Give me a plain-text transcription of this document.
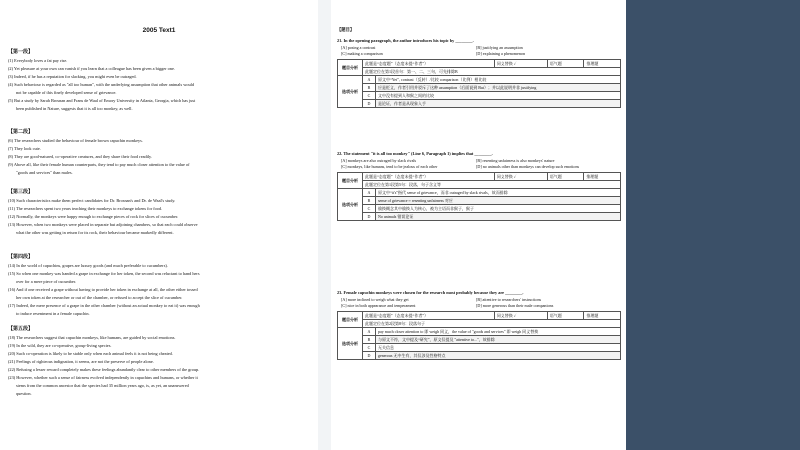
2005 Text1
【第一段】
(1) Everybody loves a fat pay rise.
(2) Yet pleasure at your own can vanish if you learn that a colleague has been given a bigger one.
(3) Indeed, if he has a reputation for slacking, you might even be outraged.
(4) Such behaviour is regarded as "all too human", with the underlying assumption that other animals would
not be capable of this finely developed sense of grievance.
(5) But a study by Sarah Brosnan and Frans de Waal of Emory University in Atlanta, Georgia, which has just
been published in Nature, suggests that it is all too monkey, as well.
【第二段】
(6) The researchers studied the behaviour of female brown capuchin monkeys.
(7) They look cute.
(8) They are good-natured, co-operative creatures, and they share their food readily.
(9) Above all, like their female human counterparts, they tend to pay much closer attention to the value of
"goods and services" than males.
【第三段】
(10) Such characteristics make them perfect candidates for Dr. Brosnan's and Dr. de Waal's study.
(11) The researchers spent two years teaching their monkeys to exchange tokens for food.
(12) Normally, the monkeys were happy enough to exchange pieces of rock for slices of cucumber.
(13) However, when two monkeys were placed in separate but adjoining chambers, so that each could observe
what the other was getting in return for its rock, their behaviour became markedly different.
【第四段】
(14) In the world of capuchins, grapes are luxury goods (and much preferable to cucumbers).
(15) So when one monkey was handed a grape in exchange for her token, the second was reluctant to hand hers
over for a mere piece of cucumber.
(16) And if one received a grape without having to provide her token in exchange at all, the other either tossed
her own token at the researcher or out of the chamber, or refused to accept the slice of cucumber.
(17) Indeed, the mere presence of a grape in the other chamber (without an actual monkey to eat it) was enough
to induce resentment in a female capuchin.
【第五段】
(18) The researchers suggest that capuchin monkeys, like humans, are guided by social emotions.
(19) In the wild, they are co-operative, group-living species.
(20) Such co-operation is likely to be stable only when each animal feels it is not being cheated.
(21) Feelings of righteous indignation, it seems, are not the preserve of people alone.
(22) Refusing a lesser reward completely makes these feelings abundantly clear to other members of the group.
(23) However, whether such a sense of fairness evolved independently in capuchins and humans, or whether it
stems from the common ancestor that the species had 35 million years ago, is, as yet, an unanswered
question.
【题目】
21. In the opening paragraph, the author introduces his topic by ________.
[A] posing a contrast	[B] justifying an assumption[C] making a comparison	[D] explaining a phenomenon
题目分析	此题是“态度题”（态度未提“作者”）		同义替换 ✓	语气题	推理题
	此题定位在第1段首句：第一、二、三句，可先排除B				
选项分析	A	原文中“Yet”, contrast（反转）/比较 comparison（比例）相比较			
	B	应是贬义，作者引用并驳斥了这种 assumption（后面说到 But）；并以此说明并非 justifying			
	C	文中没有提到人和猴之间的比较			
	D	是论证，作者是从现象入手			
22. The statement "it is all too monkey" (Line 6, Paragraph 1) implies that ________.
[A] monkeys are also outraged by slack rivals	[B] resenting unfairness is also monkeys' nature[C] monkeys, like humans, tend to be jealous of each other	[D] no animals other than monkeys can develop such emotions
题目分析	此题是“态度题”（态度未提“作者”）		同义替换 ✓	语气题	推理题
	此题定位在第1段第5句：段落，句子含义等				
选项分析	A	原文中“it's”指代 sense of grievance，而非 outraged by slack rivals，故而排除			
	B	sense of grievance ≈ resenting unfairness 对应			
	C	偷换概念其中偷换人为核心，被为主语而非猴子，猴子			
	D	No animals 错误论证			
23. Female capuchin monkeys were chosen for the research most probably because they are ________.
[A] more inclined to weigh what they get	[B] attentive to researchers' instructions[C] nice in both appearance and temperament	[D] more generous than their male companions
题目分析	此题是“态度题”（态度未提“作者”）		同义替换 ✓	语气题	推理题
	此题定位在第2段第8句：段落句子				
选项分析	A	pay much closer attention to 即 weigh 同义，the value of "goods and services" 即 weigh 同义替换			
	B	与原文不符，文中提及“研究”，原文仅提及 "attentive to..."，故排除			
	C	无关信息			
	D	generous 无中生有，其仅涉及性格特点			
